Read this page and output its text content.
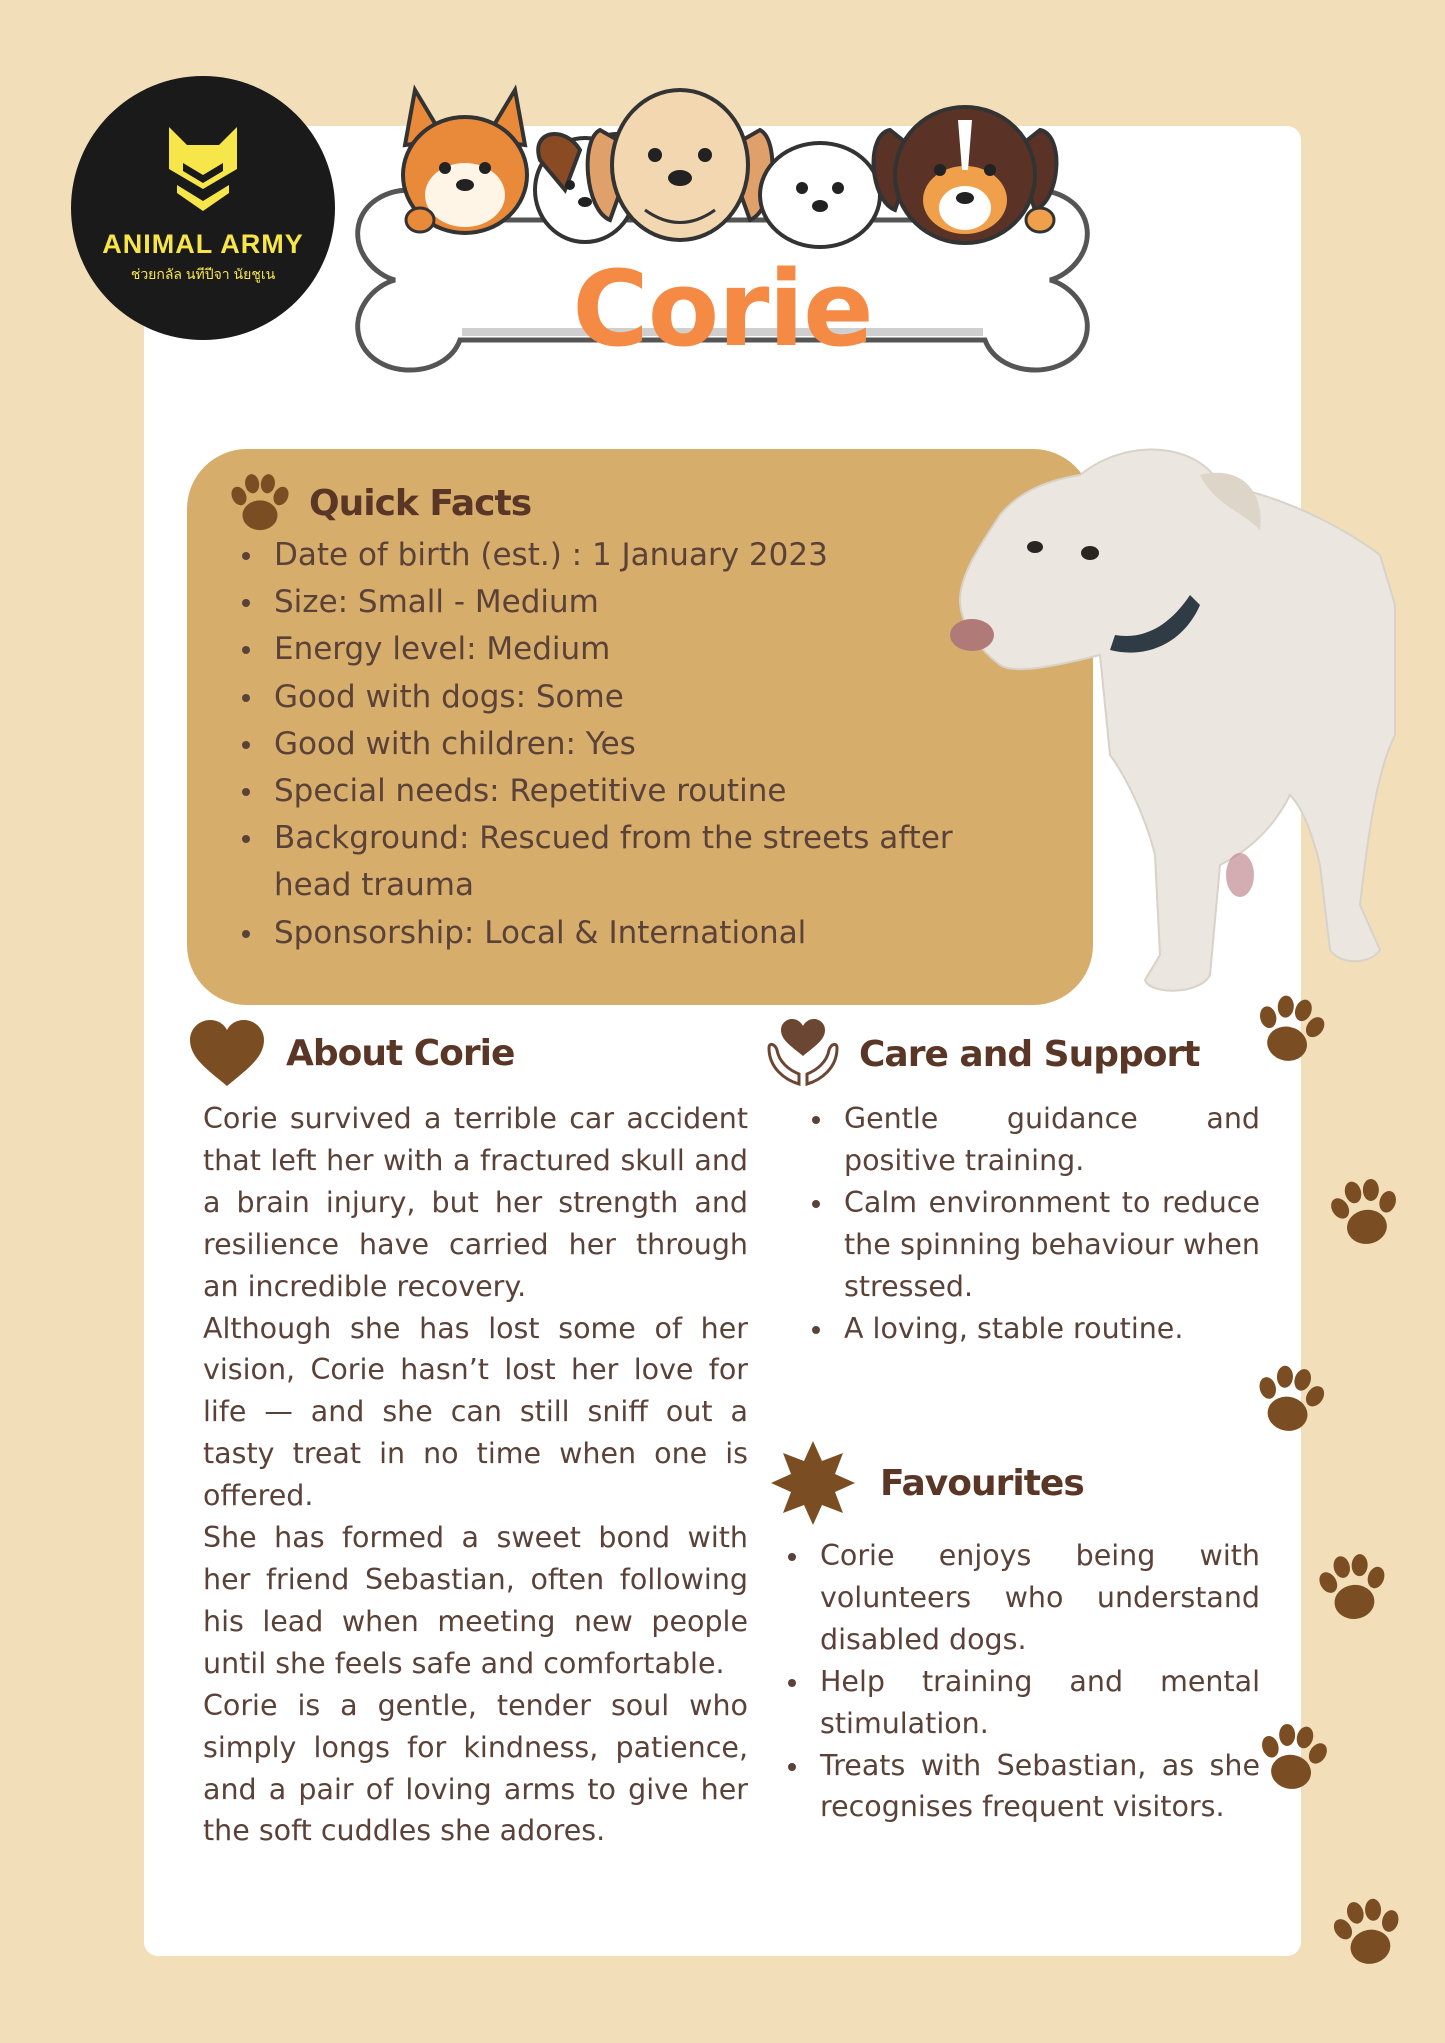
ANIMAL ARMY
ช่วยกลัล นทีปีจา นัยชูเน	Corie
Quick Facts
Date of birth (est.) : 1 January 2023
Size: Small - Medium
Energy level: Medium
Good with dogs: Some
Good with children: Yes
Special needs: Repetitive routine
Background: Rescued from the streets after head trauma
Sponsorship: Local & International
About Corie

Corie survived a terrible car accident that left her with a fractured skull and a brain injury, but her strength and resilience have carried her through an incredible recovery.

Although she has lost some of her vision, Corie hasn’t lost her love for life — and she can still sniff out a tasty treat in no time when one is offered.

She has formed a sweet bond with her friend Sebastian, often following his lead when meeting new people until she feels safe and comfortable.

Corie is a gentle, tender soul who simply longs for kindness, patience, and a pair of loving arms to give her the soft cuddles she adores.

Care and Support
Gentle guidance and positive training.
Calm environment to reduce the spinning behaviour when stressed.
A loving, stable routine.
Favourites
Corie enjoys being with volunteers who understand disabled dogs.
Help training and mental stimulation.
Treats with Sebastian, as she recognises frequent visitors.
